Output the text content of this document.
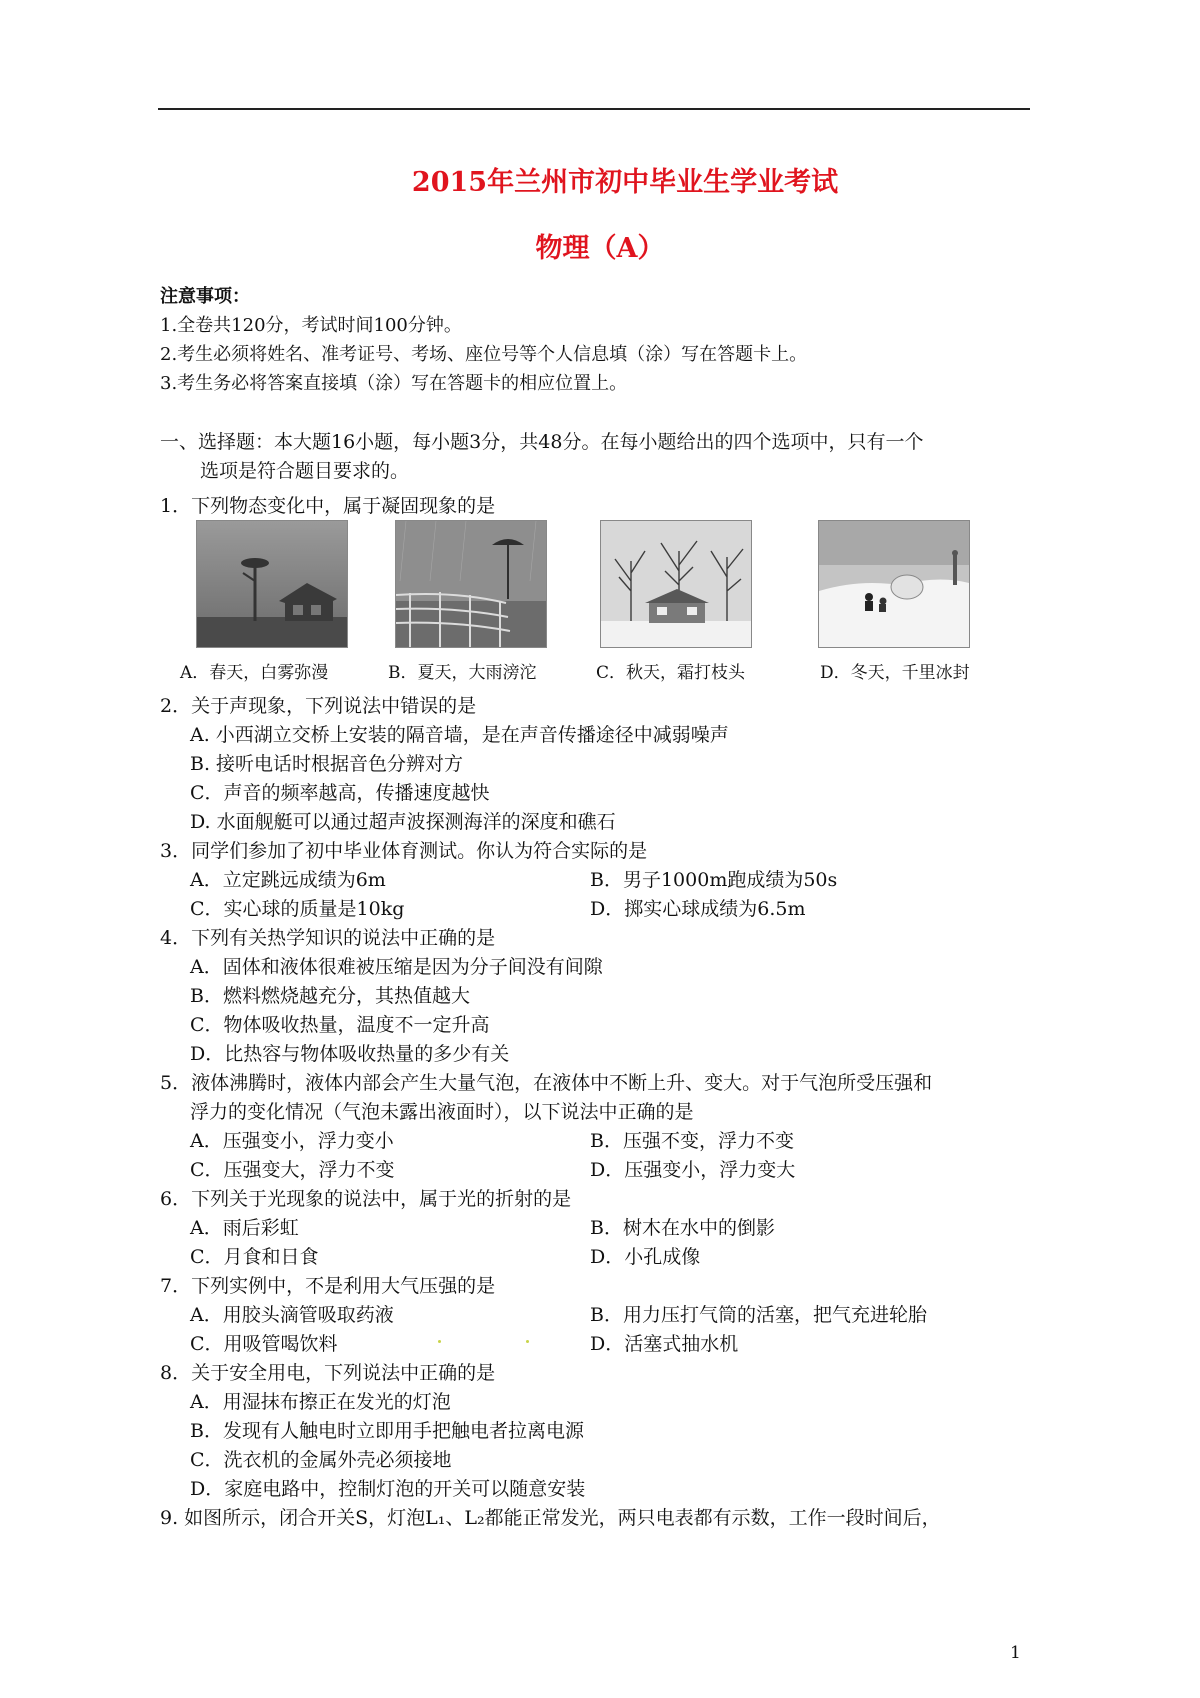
2015年兰州市初中毕业生学业考试
物理（A）
注意事项：
1.全卷共120分，考试时间100分钟。
2.考生必须将姓名、准考证号、考场、座位号等个人信息填（涂）写在答题卡上。
3.考生务必将答案直接填（涂）写在答题卡的相应位置上。
一、选择题：本大题16小题，每小题3分，共48分。在每小题给出的四个选项中，只有一个
选项是符合题目要求的。
1．下列物态变化中，属于凝固现象的是
A．春天，白雾弥漫	B．夏天，大雨滂沱	C．秋天，霜打枝头	D．冬天，千里冰封
2．关于声现象，下列说法中错误的是
A. 小西湖立交桥上安装的隔音墙，是在声音传播途径中减弱噪声
B. 接听电话时根据音色分辨对方
C．声音的频率越高，传播速度越快
D. 水面舰艇可以通过超声波探测海洋的深度和礁石
3．同学们参加了初中毕业体育测试。你认为符合实际的是
A．立定跳远成绩为6m	B．男子1000m跑成绩为50s
C．实心球的质量是10kg	D．掷实心球成绩为6.5m
4．下列有关热学知识的说法中正确的是
A．固体和液体很难被压缩是因为分子间没有间隙
B．燃料燃烧越充分，其热值越大
C．物体吸收热量，温度不一定升高
D．比热容与物体吸收热量的多少有关
5．液体沸腾时，液体内部会产生大量气泡，在液体中不断上升、变大。对于气泡所受压强和
浮力的变化情况（气泡未露出液面时），以下说法中正确的是
A．压强变小，浮力变小	B．压强不变，浮力不变
C．压强变大，浮力不变	D．压强变小，浮力变大
6．下列关于光现象的说法中，属于光的折射的是
A．雨后彩虹	B．树木在水中的倒影
C．月食和日食	D．小孔成像
7．下列实例中，不是利用大气压强的是
A．用胶头滴管吸取药液	B．用力压打气筒的活塞，把气充进轮胎
C．用吸管喝饮料	D．活塞式抽水机
8．关于安全用电，下列说法中正确的是
A．用湿抹布擦正在发光的灯泡
B．发现有人触电时立即用手把触电者拉离电源
C．洗衣机的金属外壳必须接地
D．家庭电路中，控制灯泡的开关可以随意安装
9. 如图所示，闭合开关S，灯泡L₁、L₂都能正常发光，两只电表都有示数，工作一段时间后，
1
